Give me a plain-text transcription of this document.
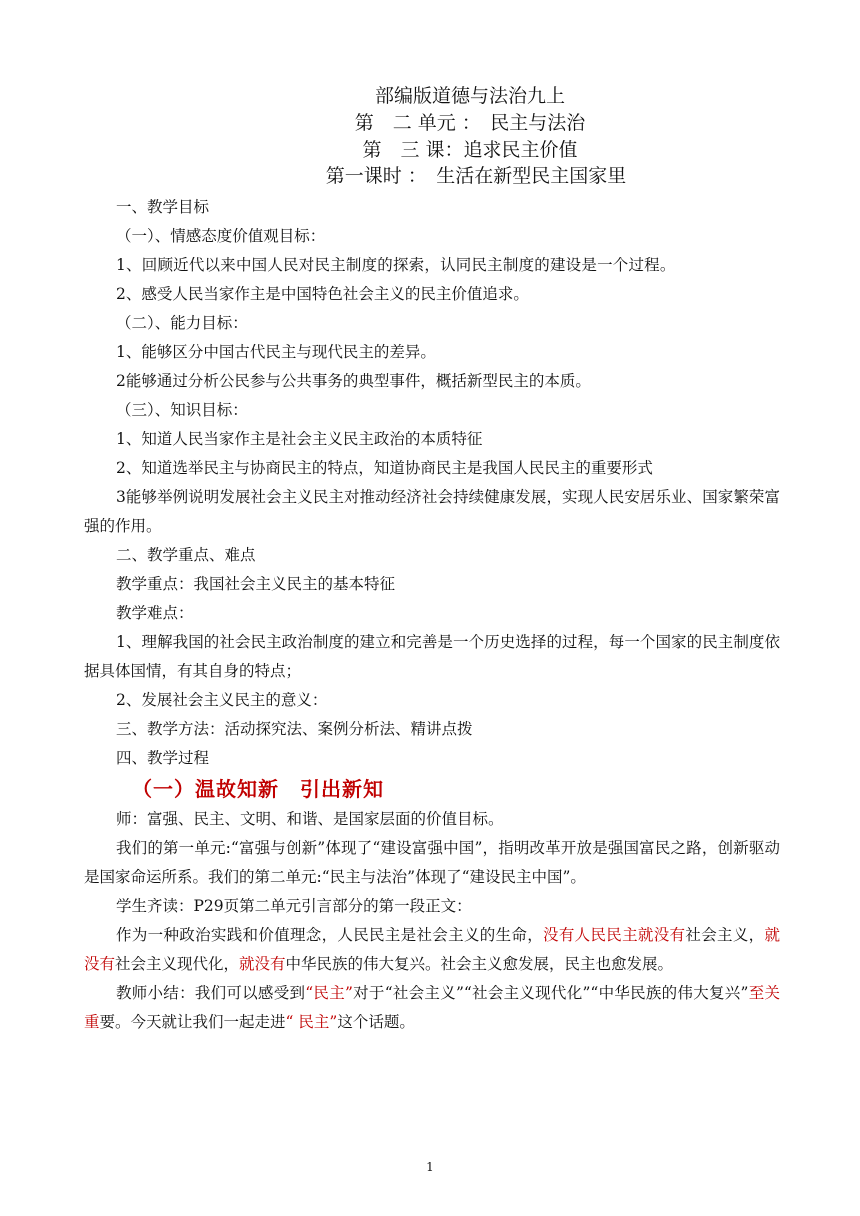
部编版道德与法治九上
第　二 单元 ：　民主与法治
第　三 课：追求民主价值
第一课时 ：　生活在新型民主国家里

一、教学目标

（一）、情感态度价值观目标：

1、回顾近代以来中国人民对民主制度的探索，认同民主制度的建设是一个过程。

2、感受人民当家作主是中国特色社会主义的民主价值追求。

（二）、能力目标：

1、能够区分中国古代民主与现代民主的差异。

2能够通过分析公民参与公共事务的典型事件，概括新型民主的本质。

（三）、知识目标：

1、知道人民当家作主是社会主义民主政治的本质特征

2、知道选举民主与协商民主的特点，知道协商民主是我国人民民主的重要形式

3能够举例说明发展社会主义民主对推动经济社会持续健康发展，实现人民安居乐业、国家繁荣富强的作用。

二、教学重点、难点

教学重点：我国社会主义民主的基本特征

教学难点：

1、理解我国的社会民主政治制度的建立和完善是一个历史选择的过程，每一个国家的民主制度依据具体国情，有其自身的特点；

2、发展社会主义民主的意义：

三、教学方法：活动探究法、案例分析法、精讲点拨

四、教学过程

（一）温故知新　引出新知

师：富强、民主、文明、和谐、是国家层面的价值目标。

我们的第一单元:“富强与创新”体现了“建设富强中国”，指明改革开放是强国富民之路，创新驱动是国家命运所系。我们的第二单元:“民主与法治”体现了“建设民主中国”。

学生齐读：P29页第二单元引言部分的第一段正文：

作为一种政治实践和价值理念，人民民主是社会主义的生命，没有人民民主就没有社会主义，就没有社会主义现代化，就没有中华民族的伟大复兴。社会主义愈发展，民主也愈发展。

教师小结：我们可以感受到“民主”对于“社会主义”“社会主义现代化”“中华民族的伟大复兴”至关重要。今天就让我们一起走进“ 民主”这个话题。

1
